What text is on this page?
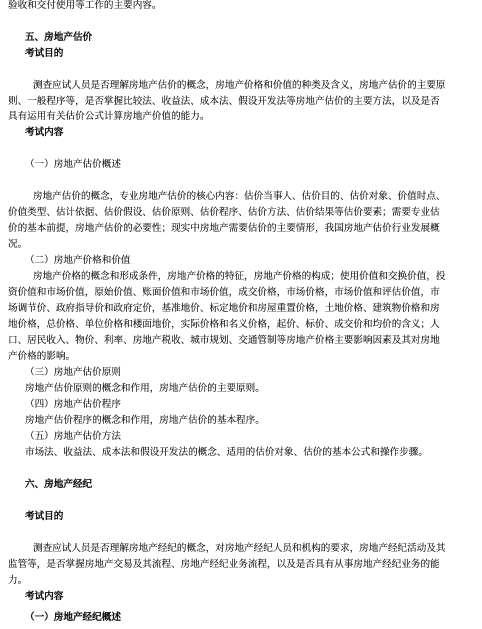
验收和交付使用等工作的主要内容。

五、房地产估价

考试目的

测查应试人员是否理解房地产估价的概念，房地产价格和价值的种类及含义，房地产估价的主要原

则、一般程序等，是否掌握比较法、收益法、成本法、假设开发法等房地产估价的主要方法，以及是否

具有运用有关估价公式计算房地产价值的能力。

考试内容

（一）房地产估价概述

房地产估价的概念，专业房地产估价的核心内容：估价当事人、估价目的、估价对象、价值时点、

价值类型、估计依据、估价假设、估价原则、估价程序、估价方法、估价结果等估价要素；需要专业估

价的基本前提，房地产估价的必要性；现实中房地产需要估价的主要情形，我国房地产估价行业发展概

况。

（二）房地产价格和价值

房地产价格的概念和形成条件，房地产价格的特征，房地产价格的构成；使用价值和交换价值，投

资价值和市场价值，原始价值、账面价值和市场价值，成交价格，市场价格，市场价值和评估价值，市

场调节价、政府指导价和政府定价，基准地价、标定地价和房屋重置价格，土地价格、建筑物价格和房

地价格，总价格、单位价格和楼面地价，实际价格和名义价格，起价、标价、成交价和均价的含义；人

口、居民收入、物价、利率、房地产税收、城市规划、交通管制等房地产价格主要影响因素及其对房地

产价格的影响。

（三）房地产估价原则

房地产估价原则的概念和作用，房地产估价的主要原则。

（四）房地产估价程序

房地产估价程序的概念和作用，房地产估价的基本程序。

（五）房地产估价方法

市场法、收益法、成本法和假设开发法的概念、适用的估价对象、估价的基本公式和操作步骤。

六、房地产经纪

考试目的

测查应试人员是否理解房地产经纪的概念，对房地产经纪人员和机构的要求，房地产经纪活动及其

监管等，是否掌握房地产交易及其流程、房地产经纪业务流程，以及是否具有从事房地产经纪业务的能

力。

考试内容

（一）房地产经纪概述
